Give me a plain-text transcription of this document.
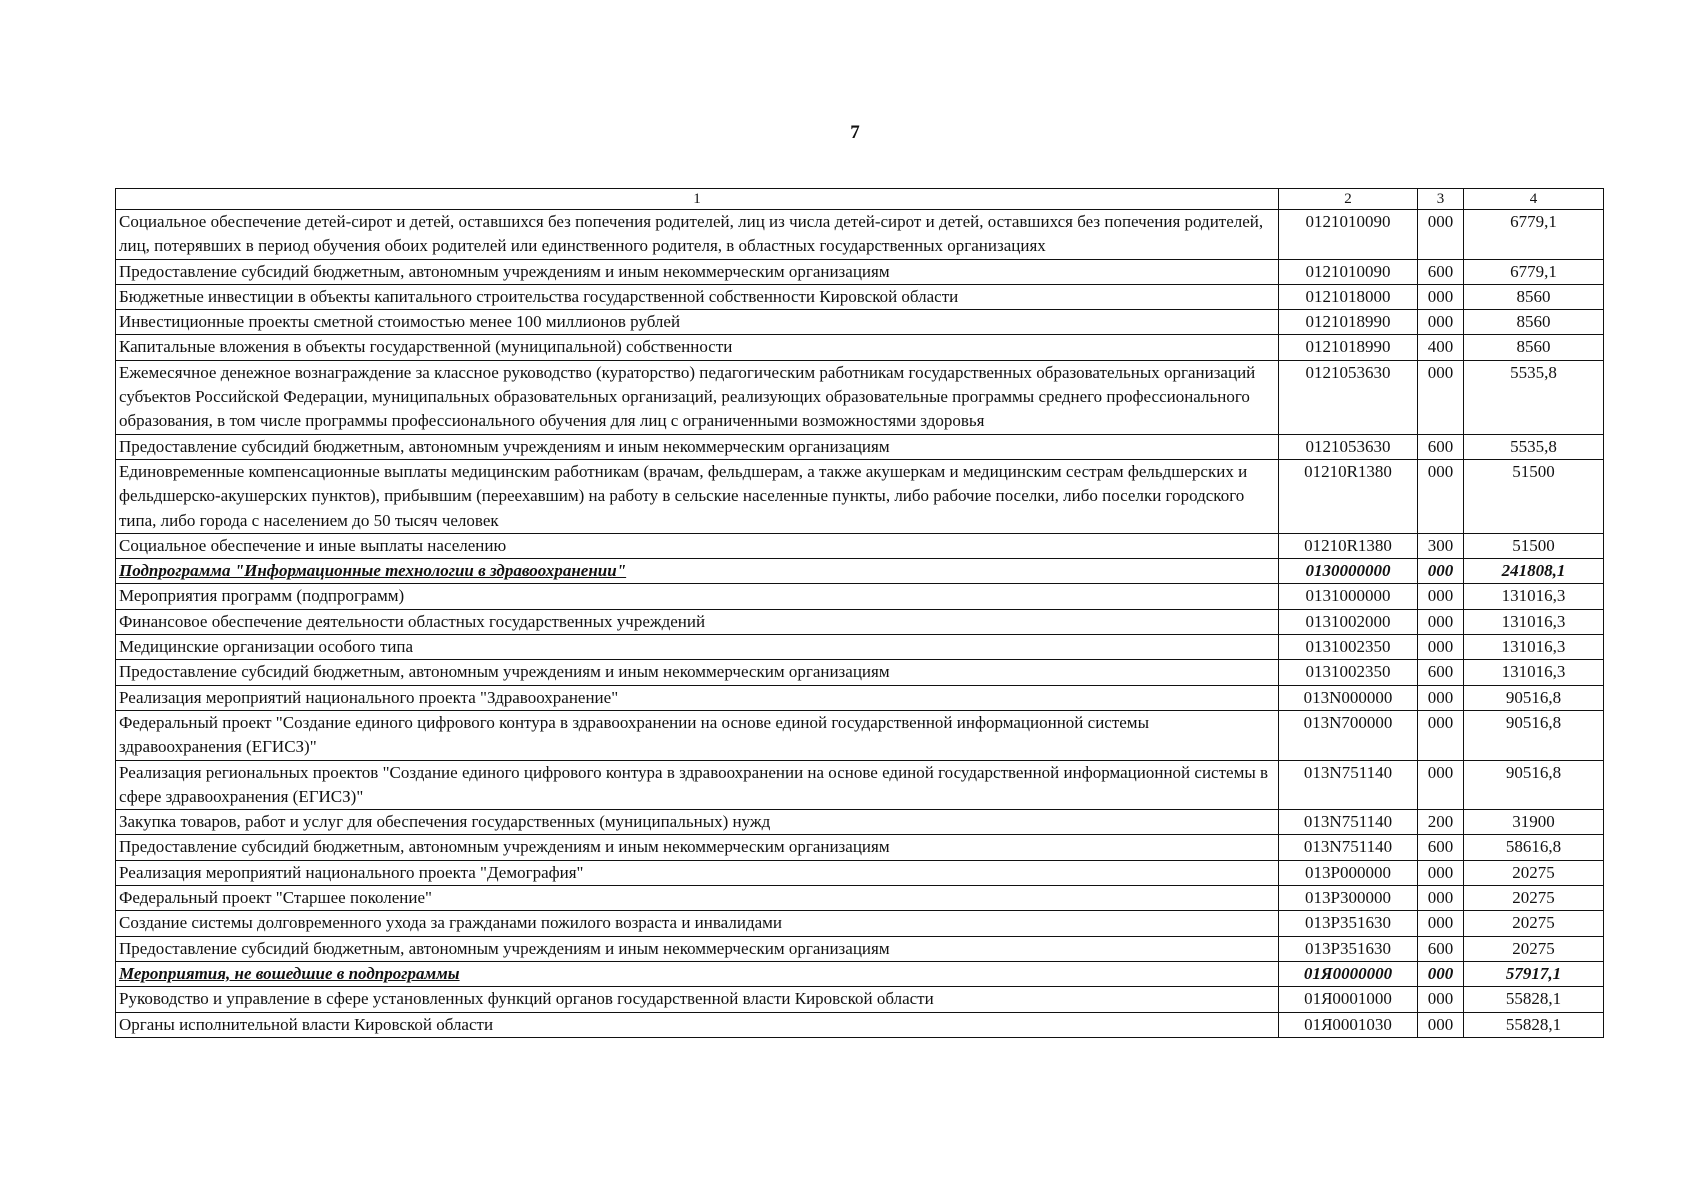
7
1	2	3	4
Социальное обеспечение детей-сирот и детей, оставшихся без попечения родителей, лиц из числа детей-сирот и детей, оставшихся без попечения родителей, лиц, потерявших в период обучения обоих родителей или единственного родителя, в областных государственных организациях	0121010090	000	6779,1
Предоставление субсидий бюджетным, автономным учреждениям и иным некоммерческим организациям	0121010090	600	6779,1
Бюджетные инвестиции в объекты капитального строительства государственной собственности Кировской области	0121018000	000	8560
Инвестиционные проекты сметной стоимостью менее 100 миллионов рублей	0121018990	000	8560
Капитальные вложения в объекты государственной (муниципальной) собственности	0121018990	400	8560
Ежемесячное денежное вознаграждение за классное руководство (кураторство) педагогическим работникам государственных образовательных организаций субъектов Российской Федерации, муниципальных образовательных организаций, реализующих образовательные программы среднего профессионального образования, в том числе программы профессионального обучения для лиц с ограниченными возможностями здоровья	0121053630	000	5535,8
Предоставление субсидий бюджетным, автономным учреждениям и иным некоммерческим организациям	0121053630	600	5535,8
Единовременные компенсационные выплаты медицинским работникам (врачам, фельдшерам, а также акушеркам и медицинским сестрам фельдшерских и фельдшерско-акушерских пунктов), прибывшим (переехавшим) на работу в сельские населенные пункты, либо рабочие поселки, либо поселки городского типа, либо города с населением до 50 тысяч человек	01210R1380	000	51500
Социальное обеспечение и иные выплаты населению	01210R1380	300	51500
Подпрограмма "Информационные технологии в здравоохранении"	0130000000	000	241808,1
Мероприятия программ (подпрограмм)	0131000000	000	131016,3
Финансовое обеспечение деятельности областных государственных учреждений	0131002000	000	131016,3
Медицинские организации особого типа	0131002350	000	131016,3
Предоставление субсидий бюджетным, автономным учреждениям и иным некоммерческим организациям	0131002350	600	131016,3
Реализация мероприятий национального проекта "Здравоохранение"	013N000000	000	90516,8
Федеральный проект "Создание единого цифрового контура в здравоохранении на основе единой государственной информационной системы здравоохранения (ЕГИСЗ)"	013N700000	000	90516,8
Реализация региональных проектов "Создание единого цифрового контура в здравоохранении на основе единой государственной информационной системы в сфере здравоохранения (ЕГИСЗ)"	013N751140	000	90516,8
Закупка товаров, работ и услуг для обеспечения государственных (муниципальных) нужд	013N751140	200	31900
Предоставление субсидий бюджетным, автономным учреждениям и иным некоммерческим организациям	013N751140	600	58616,8
Реализация мероприятий национального проекта "Демография"	013P000000	000	20275
Федеральный проект "Старшее поколение"	013P300000	000	20275
Создание системы долговременного ухода за гражданами пожилого возраста и инвалидами	013P351630	000	20275
Предоставление субсидий бюджетным, автономным учреждениям и иным некоммерческим организациям	013P351630	600	20275
Мероприятия, не вошедшие в подпрограммы	01Я0000000	000	57917,1
Руководство и управление в сфере установленных функций органов государственной власти Кировской области	01Я0001000	000	55828,1
Органы исполнительной власти Кировской области	01Я0001030	000	55828,1
